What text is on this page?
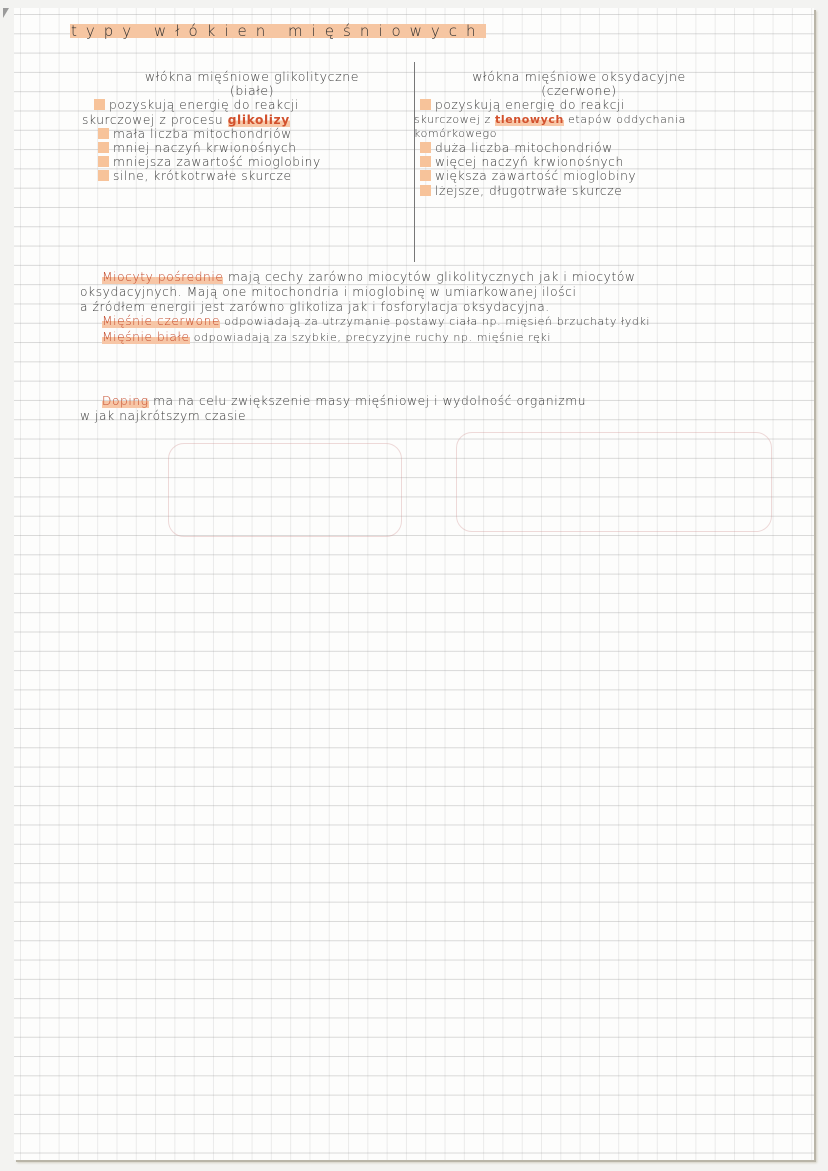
typy włókien mięśniowych
włókna mięśniowe glikolityczne
(białe)
pozyskują energię do reakcji
skurczowej z procesu glikolizy
mała liczba mitochondriów
mniej naczyń krwionośnych
mniejsza zawartość mioglobiny
silne, krótkotrwałe skurcze
włókna mięśniowe oksydacyjne
(czerwone)
pozyskują energię do reakcji
skurczowej z tlenowych etapów oddychania
komórkowego
duża liczba mitochondriów
więcej naczyń krwionośnych
większa zawartość mioglobiny
lżejsze, długotrwałe skurcze
Miocyty pośrednie mają cechy zarówno miocytów glikolitycznych jak i miocytów
oksydacyjnych. Mają one mitochondria i mioglobinę w umiarkowanej ilości
a źródłem energii jest zarówno glikoliza jak i fosforylacja oksydacyjna.
Mięśnie czerwone odpowiadają za utrzymanie postawy ciała np. mięsień brzuchaty łydki
Mięśnie białe odpowiadają za szybkie, precyzyjne ruchy np. mięśnie ręki
Doping ma na celu zwiększenie masy mięśniowej i wydolność organizmu
w jak najkrótszym czasie
